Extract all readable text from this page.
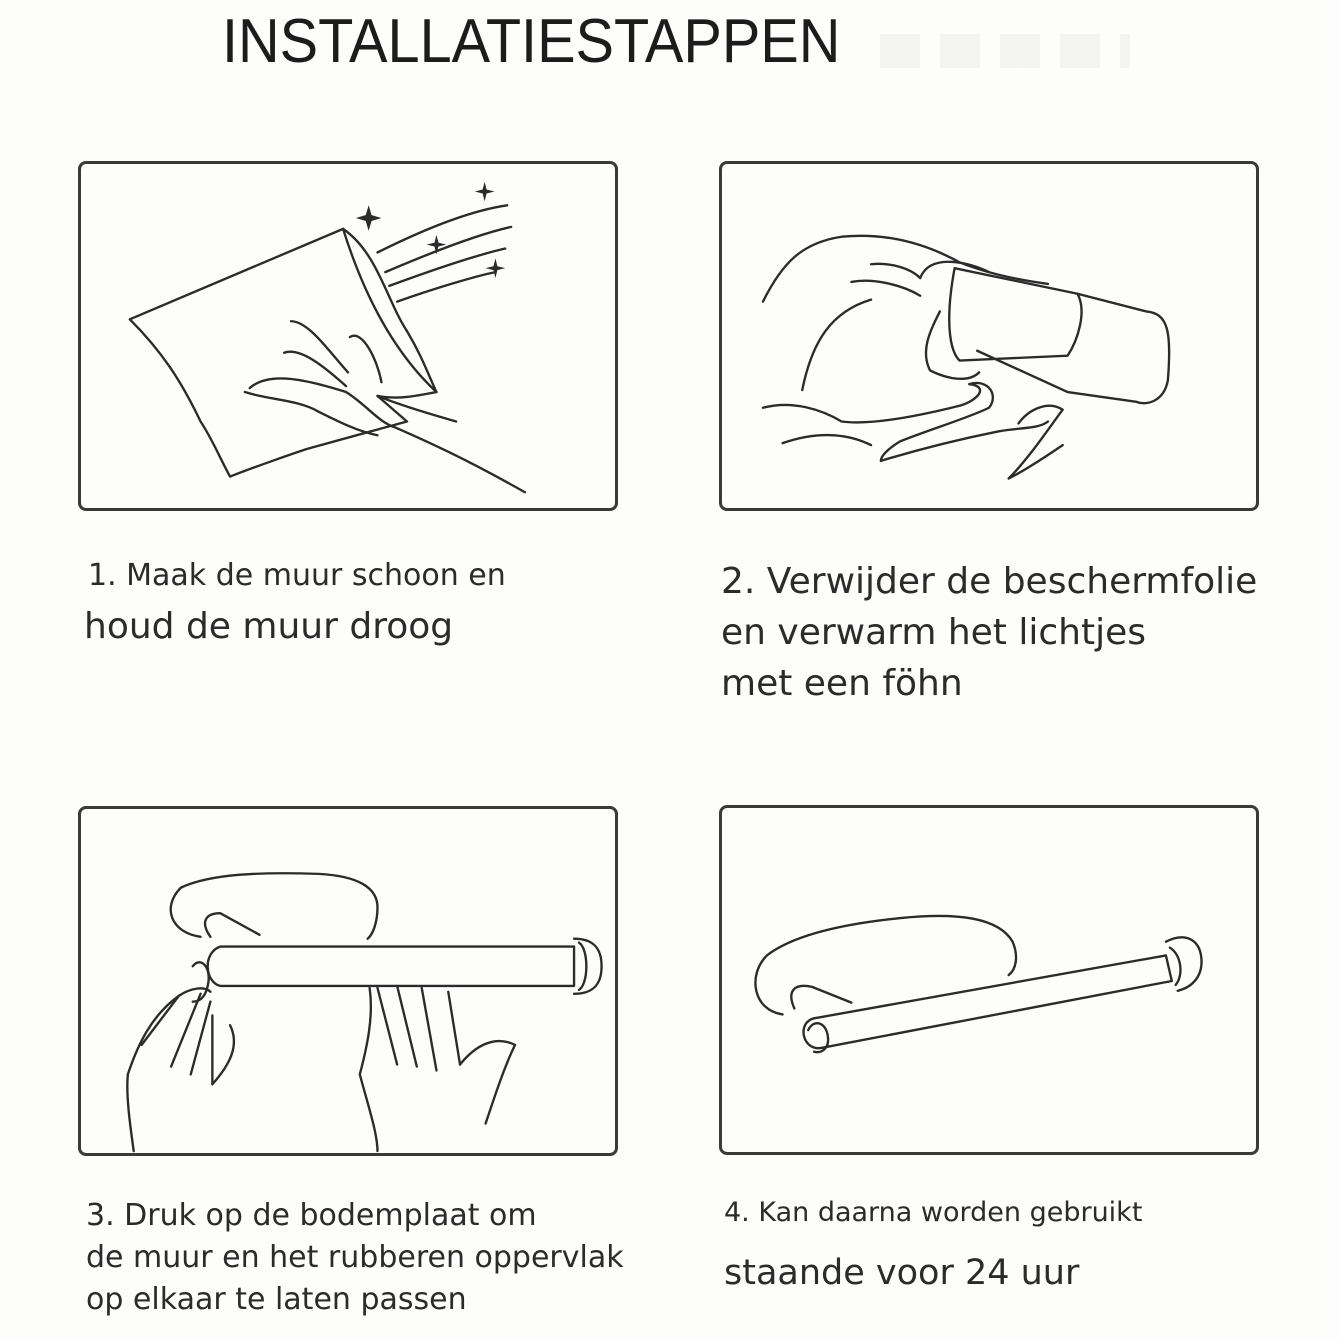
INSTALLATIESTAPPEN
1. Maak de muur schoon en
houd de muur droog
2. Verwijder de beschermfolie
en verwarm het lichtjes
met een föhn
3. Druk op de bodemplaat om
de muur en het rubberen oppervlak
op elkaar te laten passen
4. Kan daarna worden gebruikt
staande voor 24 uur
